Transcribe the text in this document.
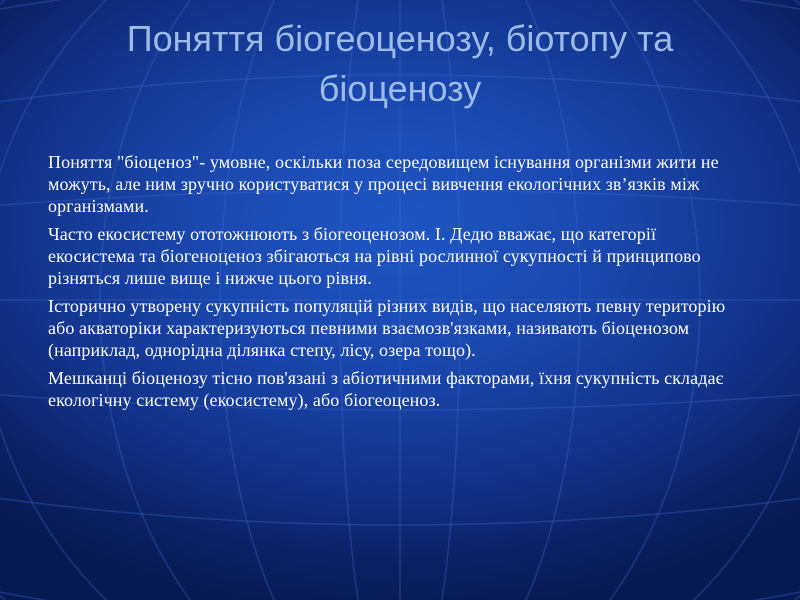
Поняття біогеоценозу, біотопу та
біоценозу

Поняття "біоценоз"- умовне, оскільки поза середовищем існування організми жити не можуть, але ним зручно користуватися у процесі вивчення екологічних зв’язків між організмами.

Часто екосистему ототожнюють з біогеоценозом. І. Дедю вважає, що категорії екосистема та біогеноценоз збігаються на рівні рослинної сукупності й принципово різняться лише вище і нижче цього рівня.

Історично утворену сукупність популяцій різних видів, що населяють певну територію або акваторіки характеризуються певними взаємозв'язками, називають біоценозом (наприклад, однорідна ділянка степу, лісу, озера тощо).

Мешканці біоценозу тісно пов'язані з абіотичними факторами, їхня сукупність складає екологічну систему (екосистему), або біогеоценоз.
